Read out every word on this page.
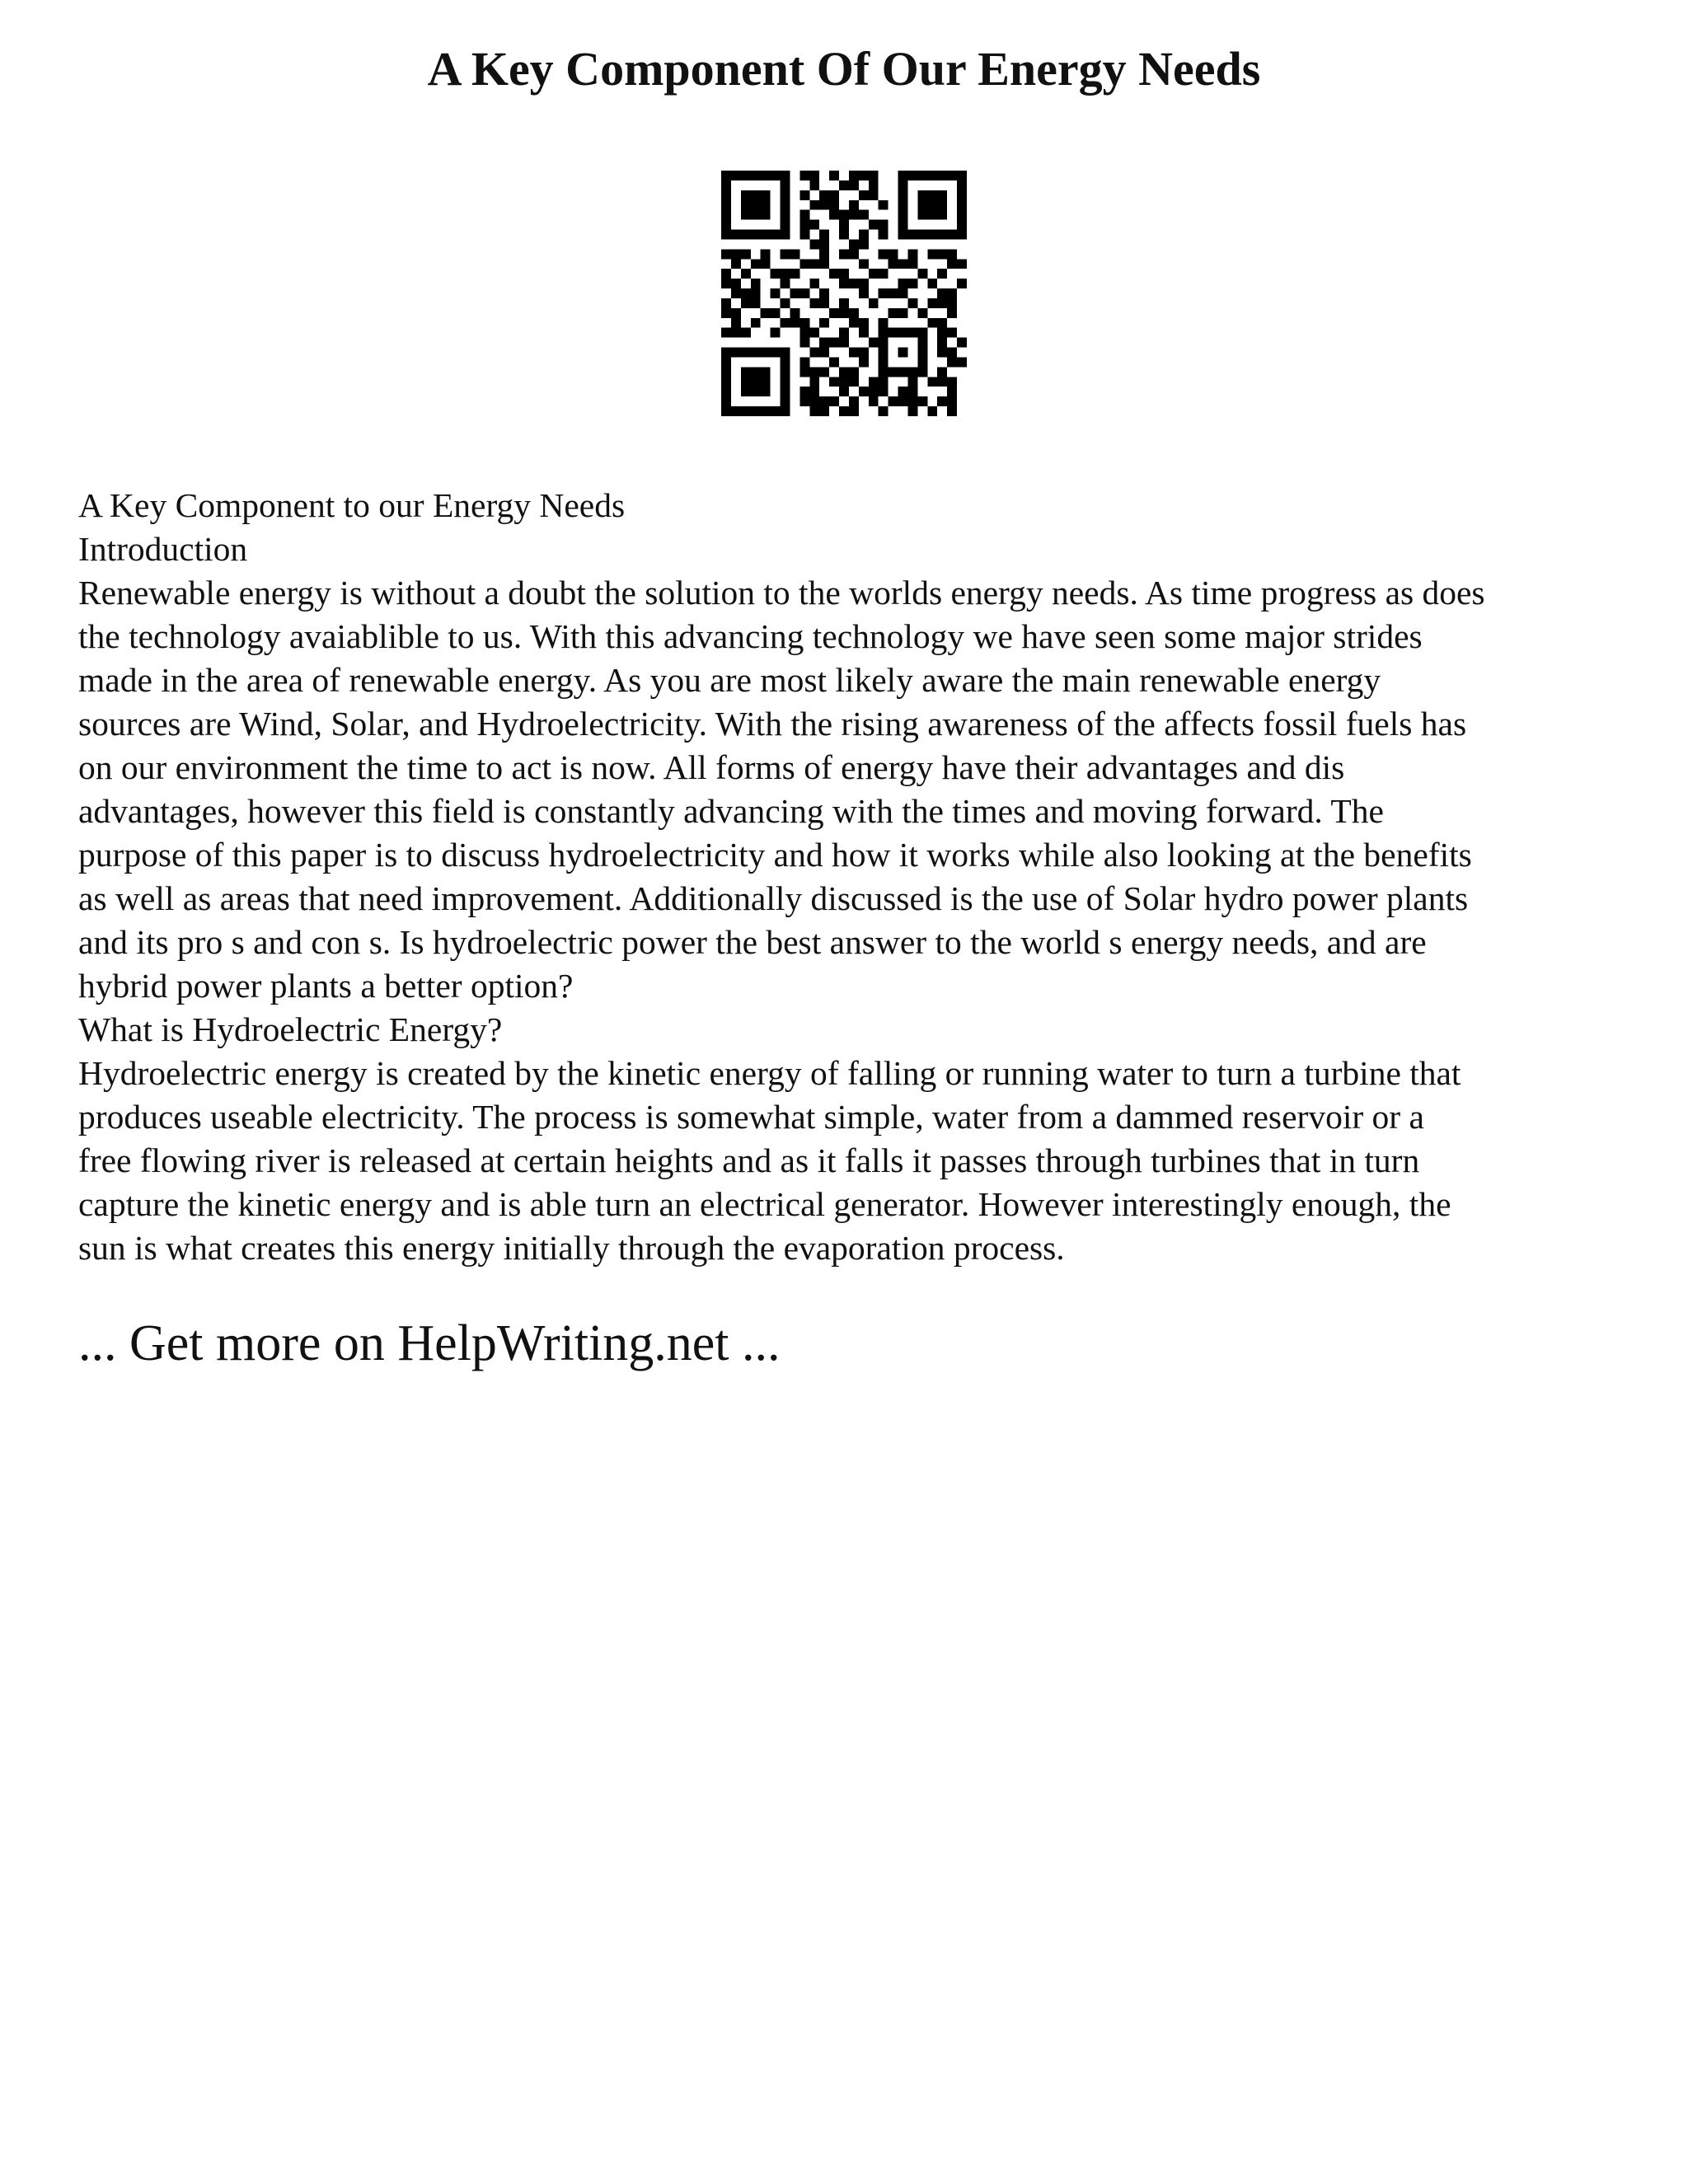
A Key Component Of Our Energy Needs
A Key Component to our Energy Needs
Introduction
Renewable energy is without a doubt the solution to the worlds energy needs. As time progress as does
the technology avaiablible to us. With this advancing technology we have seen some major strides
made in the area of renewable energy. As you are most likely aware the main renewable energy
sources are Wind, Solar, and Hydroelectricity. With the rising awareness of the affects fossil fuels has
on our environment the time to act is now. All forms of energy have their advantages and dis
advantages, however this field is constantly advancing with the times and moving forward. The
purpose of this paper is to discuss hydroelectricity and how it works while also looking at the benefits
as well as areas that need improvement. Additionally discussed is the use of Solar hydro power plants
and its pro s and con s. Is hydroelectric power the best answer to the world s energy needs, and are
hybrid power plants a better option?
What is Hydroelectric Energy?
Hydroelectric energy is created by the kinetic energy of falling or running water to turn a turbine that
produces useable electricity. The process is somewhat simple, water from a dammed reservoir or a
free flowing river is released at certain heights and as it falls it passes through turbines that in turn
capture the kinetic energy and is able turn an electrical generator. However interestingly enough, the
sun is what creates this energy initially through the evaporation process.
... Get more on HelpWriting.net ...
